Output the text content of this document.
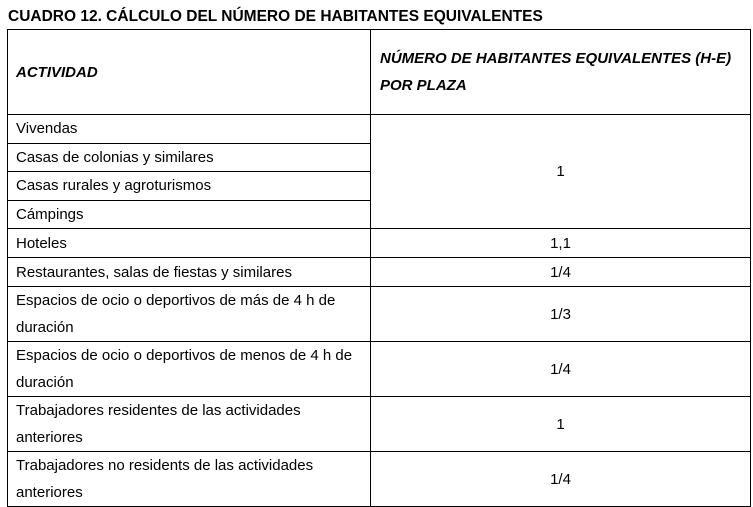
CUADRO 12. CÁLCULO DEL NÚMERO DE HABITANTES EQUIVALENTES
ACTIVIDAD	NÚMERO DE HABITANTES EQUIVALENTES (H-E) POR PLAZA
Vivendas	1
Casas de colonias y similares	
Casas rurales y agroturismos	
Cámpings	
Hoteles	1,1
Restaurantes, salas de fiestas y similares	1/4
Espacios de ocio o deportivos de más de 4 h de duración	1/3
Espacios de ocio o deportivos de menos de 4 h de duración	1/4
Trabajadores residentes de las actividades anteriores	1
Trabajadores no residents de las actividades anteriores	1/4
